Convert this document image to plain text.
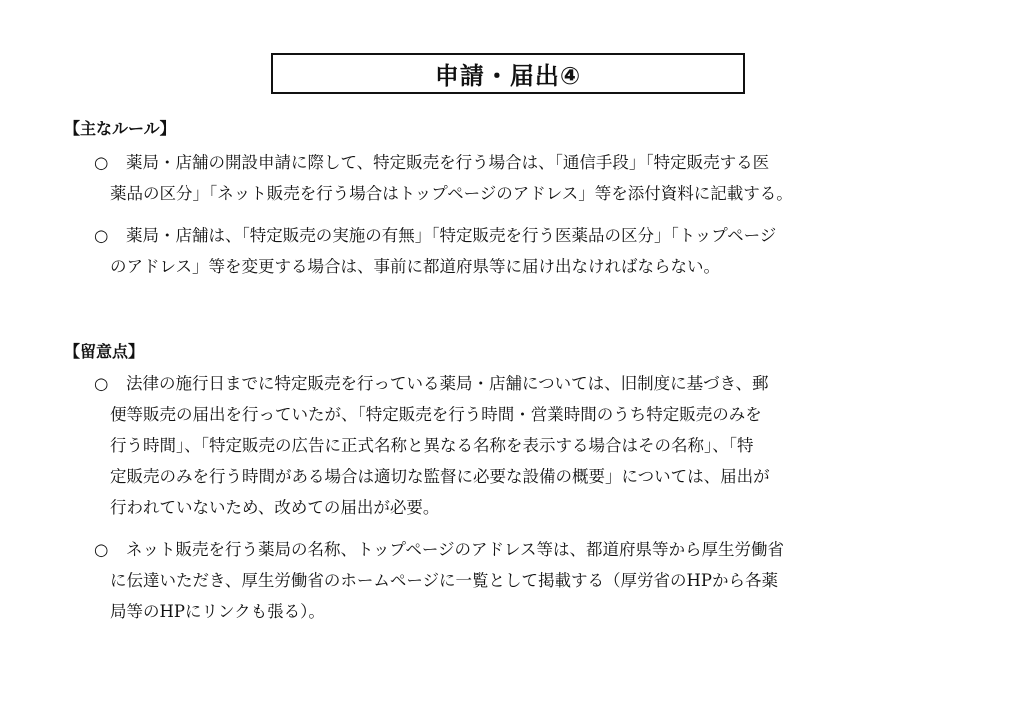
申請・届出④
【主なルール】
○ 薬局・店舗の開設申請に際して、特定販売を行う場合は、「通信手段」「特定販売する医
薬品の区分」「ネット販売を行う場合はトップページのアドレス」等を添付資料に記載する。
○ 薬局・店舗は、「特定販売の実施の有無」「特定販売を行う医薬品の区分」「トップページ
のアドレス」等を変更する場合は、事前に都道府県等に届け出なければならない。
【留意点】
○ 法律の施行日までに特定販売を行っている薬局・店舗については、旧制度に基づき、郵
便等販売の届出を行っていたが、「特定販売を行う時間・営業時間のうち特定販売のみを
行う時間」、「特定販売の広告に正式名称と異なる名称を表示する場合はその名称」、「特
定販売のみを行う時間がある場合は適切な監督に必要な設備の概要」については、届出が
行われていないため、改めての届出が必要。
○ ネット販売を行う薬局の名称、トップページのアドレス等は、都道府県等から厚生労働省
に伝達いただき、厚生労働省のホームページに一覧として掲載する（厚労省のHPから各薬
局等のHPにリンクも張る）。
